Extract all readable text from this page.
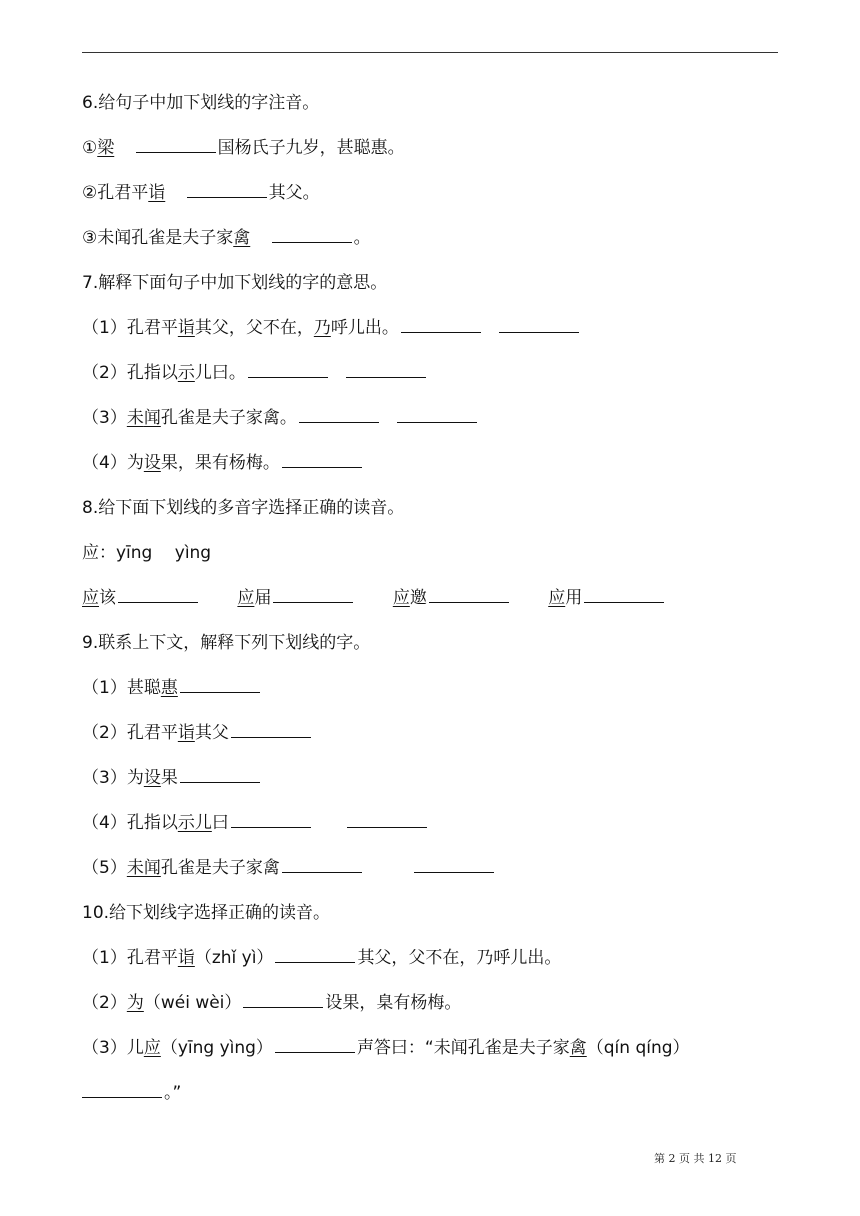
6.给句子中加下划线的字注音。
①梁	国杨氏子九岁，甚聪惠。
②孔君平诣	其父。
③未闻孔雀是夫子家禽	。
7.解释下面句子中加下划线的字的意思。
（1）孔君平诣其父，父不在，乃呼儿出。
（2）孔指以示儿曰。
（3）未闻孔雀是夫子家禽。
（4）为设果，果有杨梅。
8.给下面下划线的多音字选择正确的读音。
应：yīng　 yìng
应该	应届	应邀	应用
9.联系上下文，解释下列下划线的字。
（1）甚聪惠
（2）孔君平诣其父
（3）为设果
（4）孔指以示儿曰
（5）未闻孔雀是夫子家禽
10.给下划线字选择正确的读音。
（1）孔君平诣（zhǐ yì）	其父，父不在，乃呼儿出。
（2）为（wéi wèi）	设果，臬有杨梅。
（3）儿应（yīng yìng）	声答曰：“未闻孔雀是夫子家禽（qín qíng）
。”
第 2 页 共 12 页
